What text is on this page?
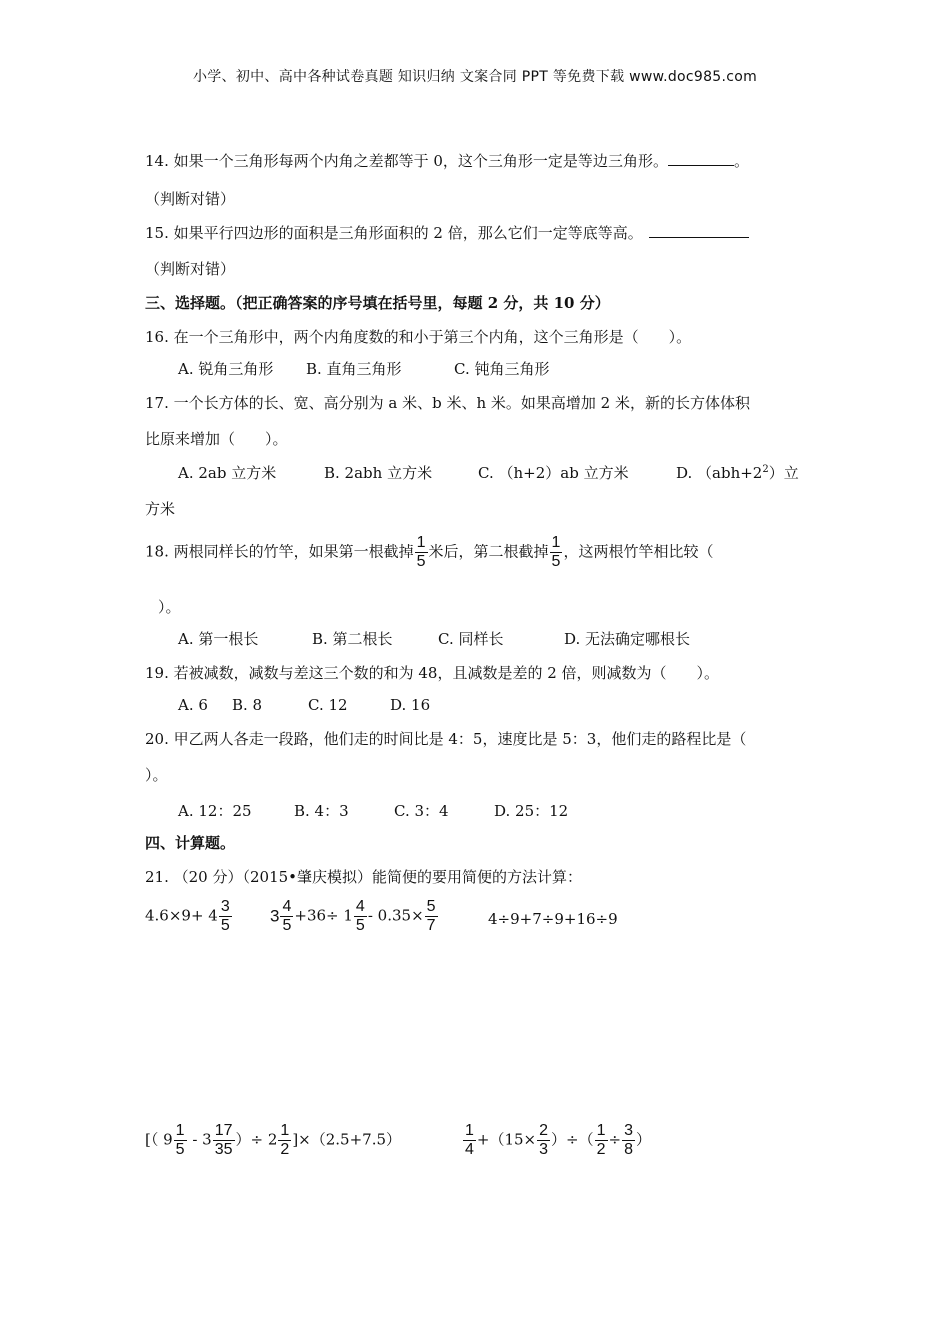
小学、初中、高中各种试卷真题 知识归纳 文案合同 PPT 等免费下载 www.doc985.com
14. 如果一个三角形每两个内角之差都等于 0，这个三角形一定是等边三角形。	。
（判断对错）
15. 如果平行四边形的面积是三角形面积的 2 倍，那么它们一定等底等高。
（判断对错）
三、选择题。（把正确答案的序号填在括号里，每题 2 分，共 10 分）
16. 在一个三角形中，两个内角度数的和小于第三个内角，这个三角形是（　　）。
A. 锐角三角形 B. 直角三角形	C. 钝角三角形
17. 一个长方体的长、宽、高分别为 a 米、b 米、h 米。如果高增加 2 米，新的长方体体积
比原来增加（　　）。
A. 2ab 立方米	B. 2abh 立方米	C. （h+2）ab 立方米	D. $(abh+2^2)$立
方米
18. 两根同样长的竹竿，如果第一根截掉 $\frac{1}{5}$ 米后，第二根截掉 $\frac{1}{5}$ ，这两根竹竿相比较（
）。
A. 第一根长	B. 第二根长	C. 同样长	D. 无法确定哪根长
19. 若被减数，减数与差这三个数的和为 48，且减数是差的 2 倍，则减数为（　　）。
A. 6 B. 8	C. 12	D. 16
20. 甲乙两人各走一段路，他们走的时间比是 4：5，速度比是 5：3，他们走的路程比是（
）。
A. 12：25	B. 4：3	C. 3：4	D. 25：12
四、计算题。
21. （20 分）（2015•肇庆模拟）能简便的要用简便的方法计算：
$4.6\times 9+ 4 \frac{3}{5} 3 \frac{4}{5} +36\div 1 \frac{4}{5} - 0.35\times \frac{5}{7}$	4÷9+7÷9+16÷9
[（ $9 \frac{1}{5} - 3 \frac{17}{35}$ ）÷ $2 \frac{1}{2} ]\times(2.5+7.5)$	$\frac{1}{4} +(15\times \frac{2}{3}$ ）÷（ $\frac{1}{2} \div \frac{3}{8}$ ）
